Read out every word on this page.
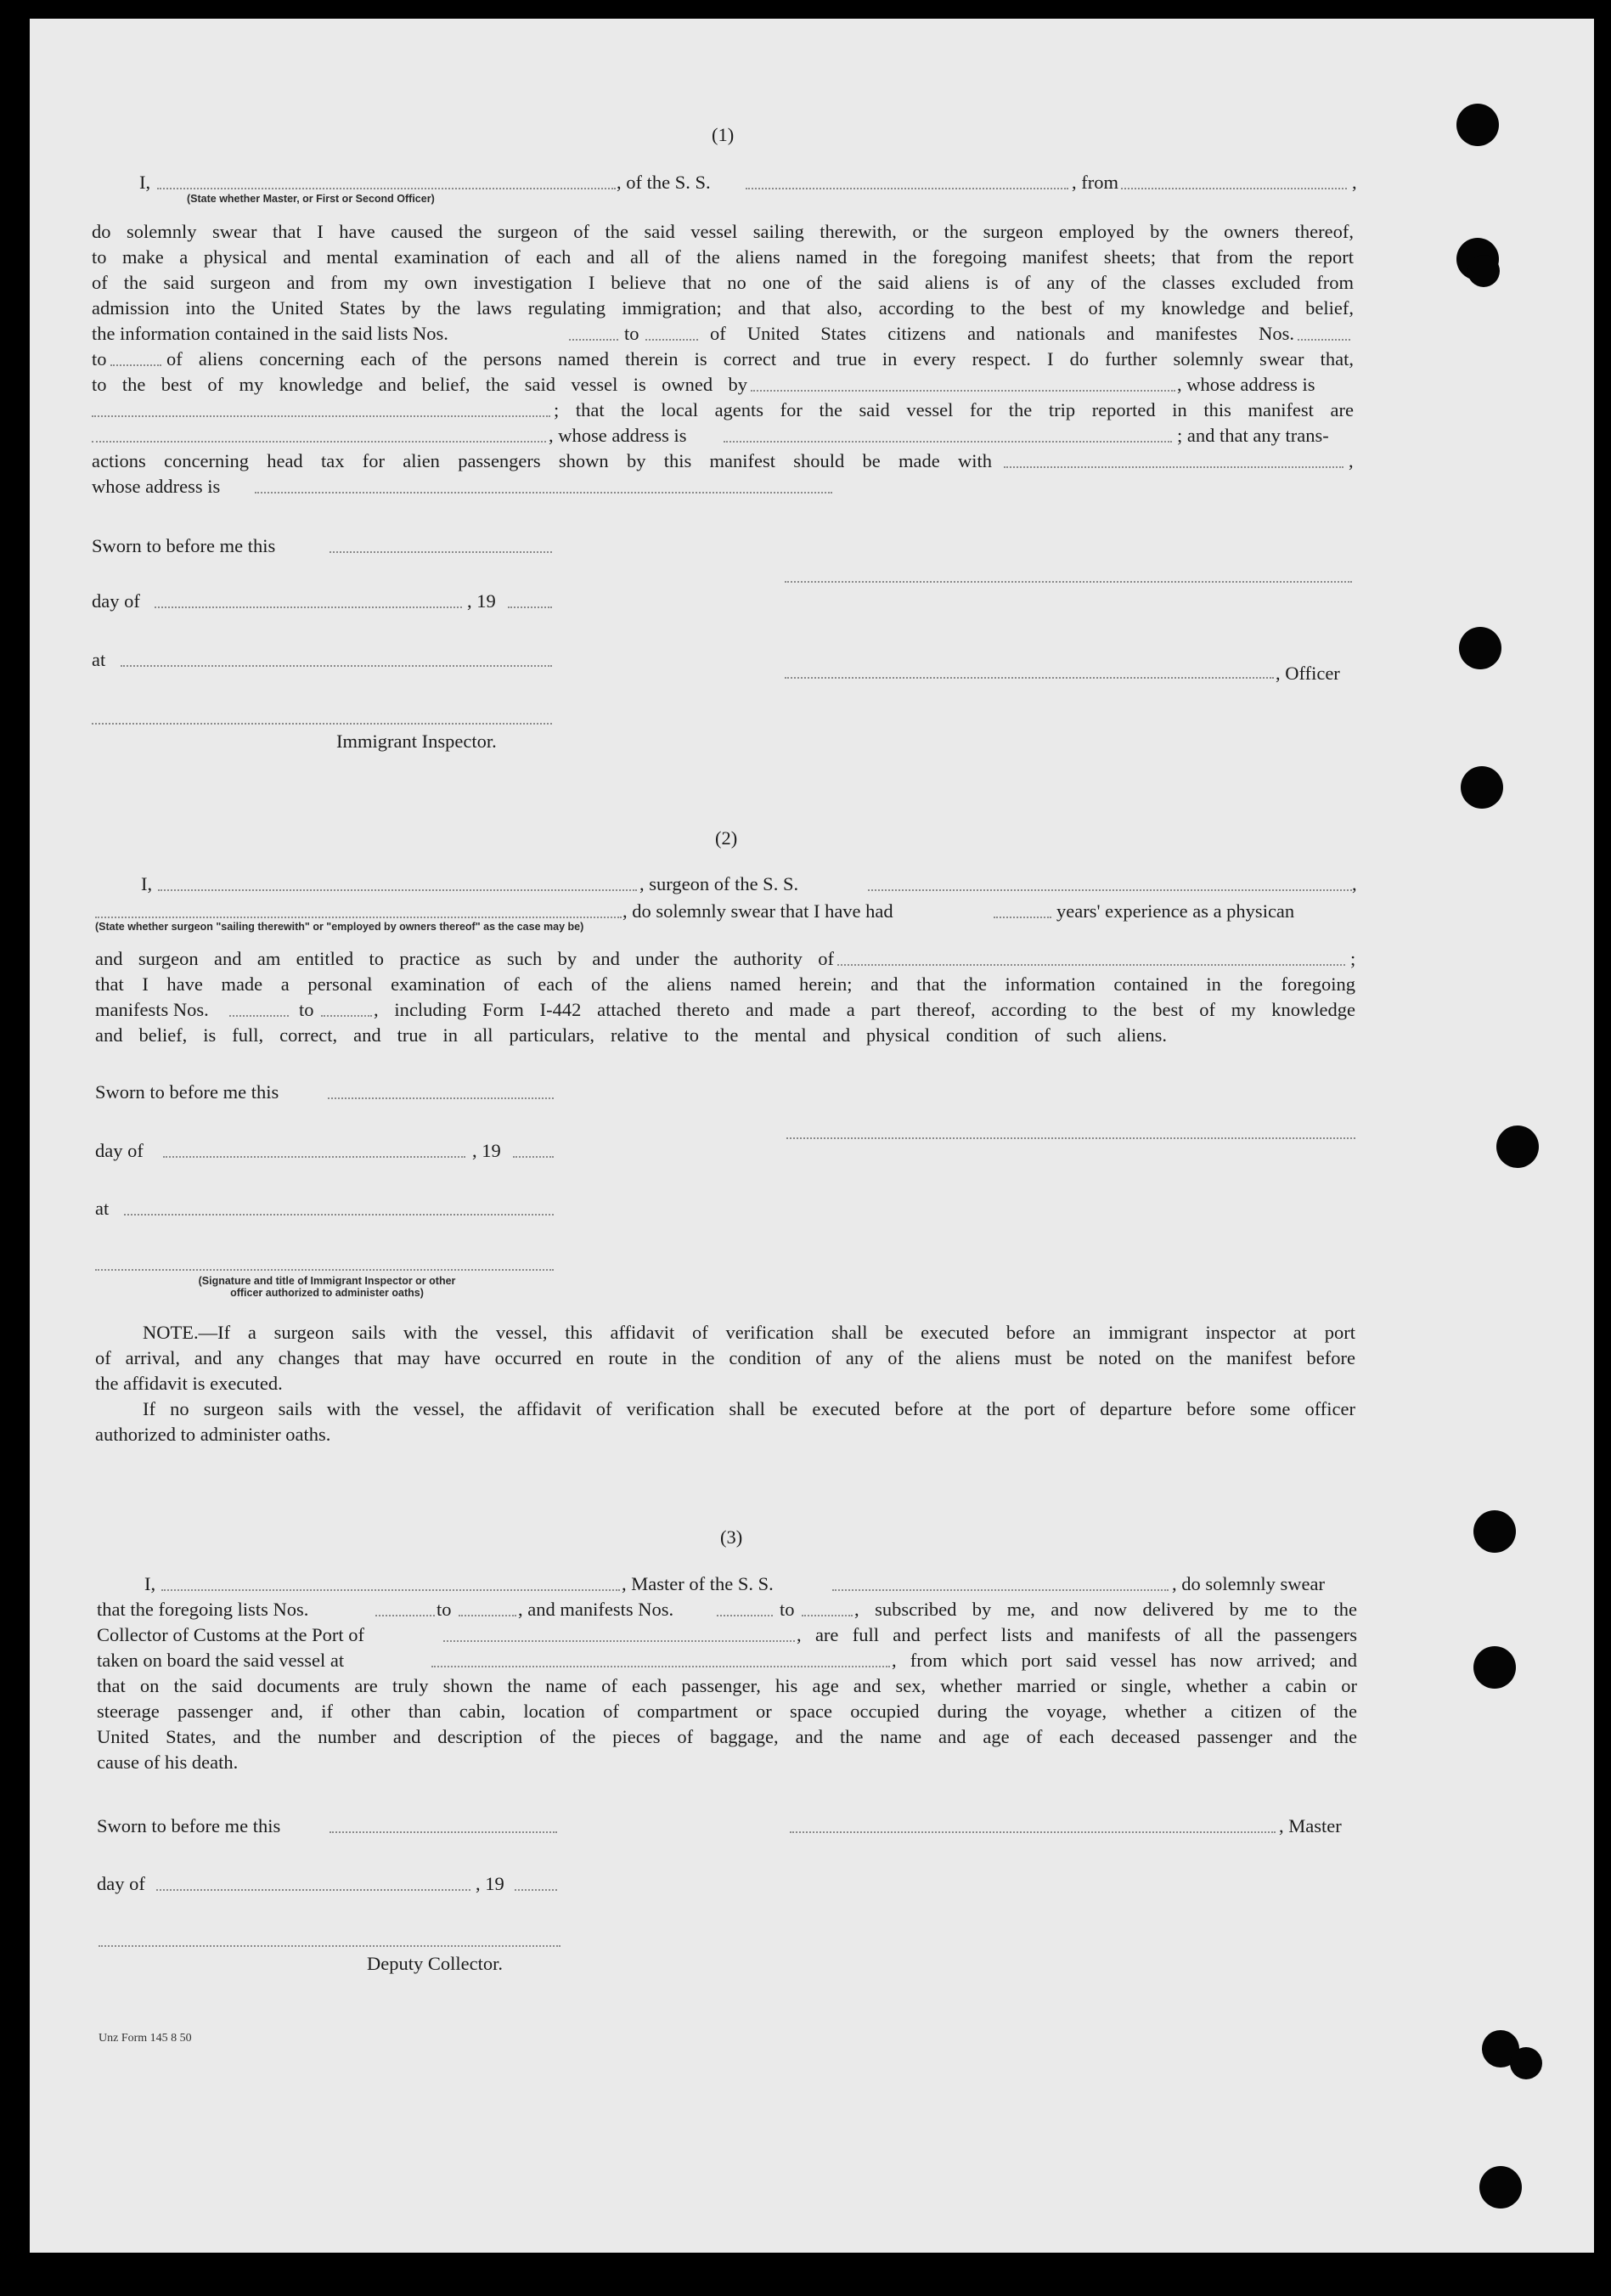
(1)
I,	, of the S. S.	, from	,
(State whether Master, or First or Second Officer)
do solemnly swear that I have caused the surgeon of the said vessel sailing therewith, or the surgeon employed by the owners thereof,
to make a physical and mental examination of each and all of the aliens named in the foregoing manifest sheets; that from the report
of the said surgeon and from my own investigation I believe that no one of the said aliens is of any of the classes excluded from
admission into the United States by the laws regulating immigration; and that also, according to the best of my knowledge and belief,
the information contained in the said lists Nos.	to	of United States citizens and nationals and manifestes Nos.
to	of aliens concerning each of the persons named therein is correct and true in every respect. I do further solemnly swear that,
to the best of my knowledge and belief, the said vessel is owned by	, whose address is
; that the local agents for the said vessel for the trip reported in this manifest are
, whose address is	; and that any trans-
actions concerning head tax for alien passengers shown by this manifest should be made with	,
whose address is
Sworn to before me this
day of	, 19
at
, Officer
Immigrant Inspector.
(2)
I,	, surgeon of the S. S.	,
, do solemnly swear that I have had	years' experience as a physican
(State whether surgeon "sailing therewith" or "employed by owners thereof" as the case may be)
and surgeon and am entitled to practice as such by and under the authority of	;
that I have made a personal examination of each of the aliens named herein; and that the information contained in the foregoing
manifests Nos.	to	, including Form I-442 attached thereto and made a part thereof, according to the best of my knowledge
and belief, is full, correct, and true in all particulars, relative to the mental and physical condition of such aliens.
Sworn to before me this
day of	, 19
at
(Signature and title of Immigrant Inspector or other
officer authorized to administer oaths)
NOTE.—If a surgeon sails with the vessel, this affidavit of verification shall be executed before an immigrant inspector at port
of arrival, and any changes that may have occurred en route in the condition of any of the aliens must be noted on the manifest before
the affidavit is executed.
If no surgeon sails with the vessel, the affidavit of verification shall be executed before at the port of departure before some officer
authorized to administer oaths.
(3)
I,	, Master of the S. S.	, do solemnly swear
that the foregoing lists Nos.	to	, and manifests Nos.	to	, subscribed by me, and now delivered by me to the
Collector of Customs at the Port of	, are full and perfect lists and manifests of all the passengers
taken on board the said vessel at	, from which port said vessel has now arrived; and
that on the said documents are truly shown the name of each passenger, his age and sex, whether married or single, whether a cabin or
steerage passenger and, if other than cabin, location of compartment or space occupied during the voyage, whether a citizen of the
United States, and the number and description of the pieces of baggage, and the name and age of each deceased passenger and the
cause of his death.
Sworn to before me this	, Master
day of	, 19
Deputy Collector.
Unz Form 145 8 50
